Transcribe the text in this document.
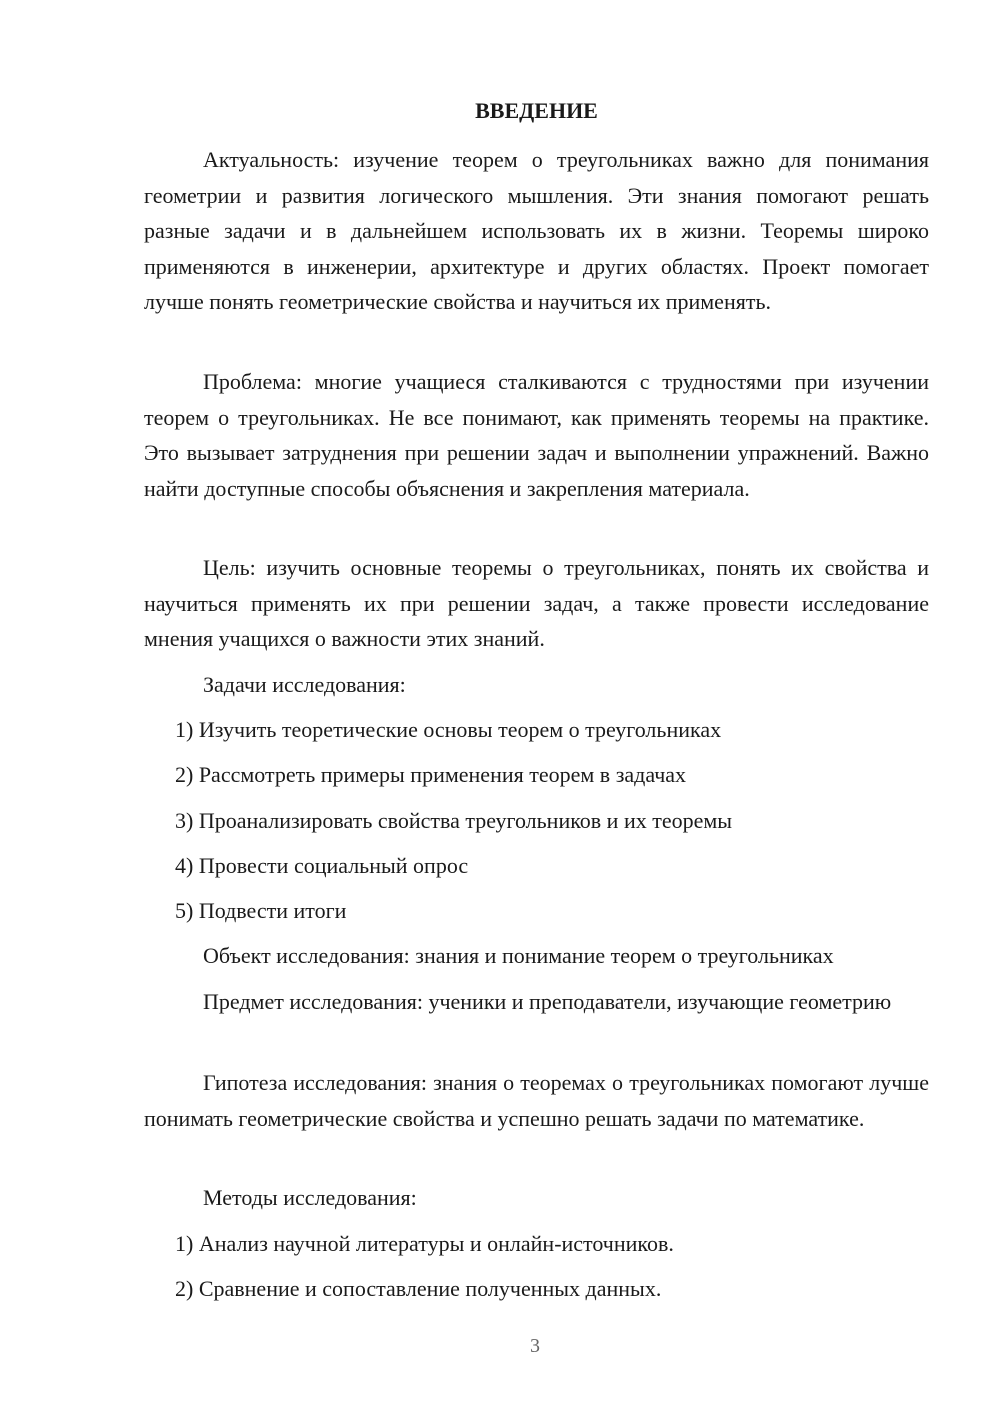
ВВЕДЕНИЕ

Актуальность: изучение теорем о треугольниках важно для понимания геометрии и развития логического мышления. Эти знания помогают решать разные задачи и в дальнейшем использовать их в жизни. Теоремы широко применяются в инженерии, архитектуре и других областях. Проект помогает лучше понять геометрические свойства и научиться их применять.

Проблема: многие учащиеся сталкиваются с трудностями при изучении теорем о треугольниках. Не все понимают, как применять теоремы на практике. Это вызывает затруднения при решении задач и выполнении упражнений. Важно найти доступные способы объяснения и закрепления материала.

Цель: изучить основные теоремы о треугольниках, понять их свойства и научиться применять их при решении задач, а также провести исследование мнения учащихся о важности этих знаний.

Задачи исследования:
1) Изучить теоретические основы теорем о треугольниках
2) Рассмотреть примеры применения теорем в задачах
3) Проанализировать свойства треугольников и их теоремы
4) Провести социальный опрос
5) Подвести итоги
Объект исследования: знания и понимание теорем о треугольниках

Предмет исследования: ученики и преподаватели, изучающие геометрию

Гипотеза исследования: знания о теоремах о треугольниках помогают лучше понимать геометрические свойства и успешно решать задачи по математике.

Методы исследования:
1) Анализ научной литературы и онлайн-источников.
2) Сравнение и сопоставление полученных данных.
3
